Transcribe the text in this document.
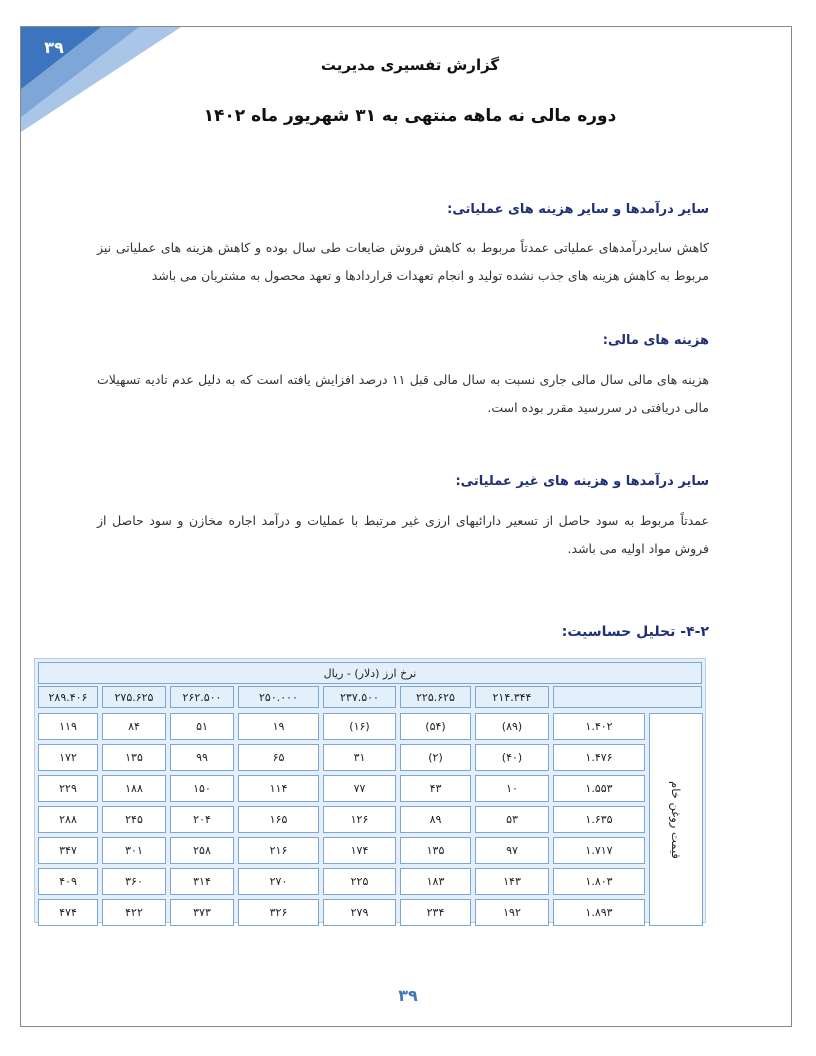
۳۹
گزارش تفسیری مدیریت
دوره مالی نه ماهه منتهی به ۳۱ شهریور ماه ۱۴۰۲
سایر درآمدها و سایر هزینه های عملیاتی:
کاهش سایردرآمدهای عملیاتی عمدتاً مربوط به کاهش فروش ضایعات طی سال بوده و کاهش هزینه های عملیاتی نیز مربوط به کاهش هزینه های جذب نشده تولید و انجام تعهدات قراردادها و تعهد محصول به مشتریان می باشد
هزینه های مالی:
هزینه های مالی سال مالی جاری نسبت به سال مالی قبل ۱۱ درصد افزایش یافته است که به دلیل عدم تادیه تسهیلات مالی دریافتی در سررسید مقرر بوده است.
سایر درآمدها و هزینه های غیر عملیاتی:
عمدتاً مربوط به سود حاصل از تسعیر دارائیهای ارزی غیر مرتبط با عملیات و درآمد اجاره مخازن و سود حاصل از فروش مواد اولیه می باشد.
۴-۲- تحلیل حساسیت:
نرخ ارز (دلار) - ریال
۲۱۴.۳۴۴
۲۲۵.۶۲۵
۲۳۷.۵۰۰
۲۵۰.۰۰۰
۲۶۲.۵۰۰
۲۷۵.۶۲۵
۲۸۹.۴۰۶
۱.۴۰۲
(۸۹)
(۵۴)
(۱۶)
۱۹
۵۱
۸۴
۱۱۹
۱.۴۷۶
(۴۰)
(۲)
۳۱
۶۵
۹۹
۱۳۵
۱۷۲
۱.۵۵۳
۱۰
۴۳
۷۷
۱۱۴
۱۵۰
۱۸۸
۲۲۹
۱.۶۳۵
۵۳
۸۹
۱۲۶
۱۶۵
۲۰۴
۲۴۵
۲۸۸
۱.۷۱۷
۹۷
۱۳۵
۱۷۴
۲۱۶
۲۵۸
۳۰۱
۳۴۷
۱.۸۰۳
۱۴۳
۱۸۳
۲۲۵
۲۷۰
۳۱۴
۳۶۰
۴۰۹
۱.۸۹۳
۱۹۲
۲۳۴
۲۷۹
۳۲۶
۳۷۳
۴۲۲
۴۷۴
قیمت روغن خام
۳۹
